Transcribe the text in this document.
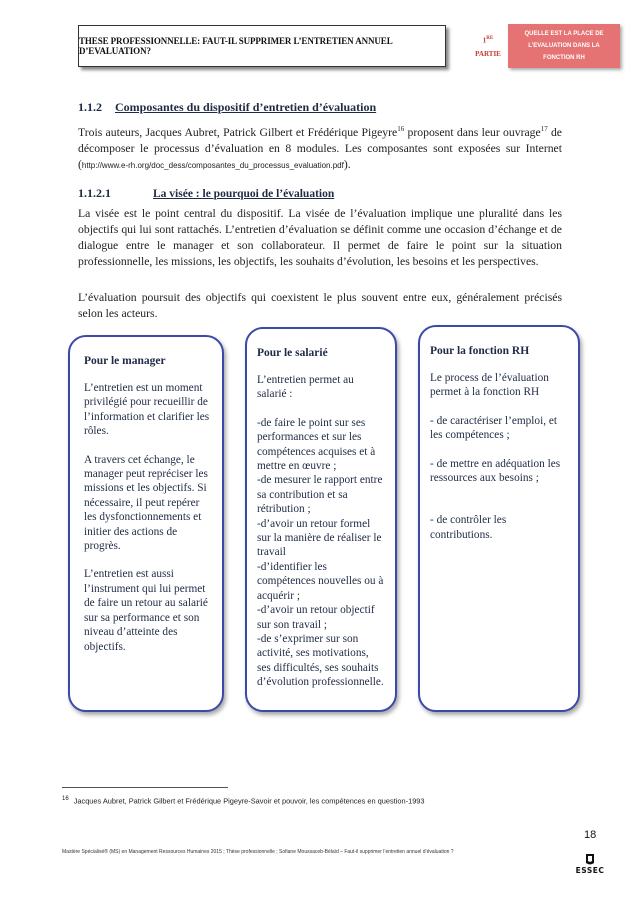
THESE PROFESSIONNELLE: FAUT-IL SUPPRIMER L’ENTRETIEN ANNUEL D’EVALUATION?
1RE
PARTIE
QUELLE EST LA PLACE DE
L’EVALUATION DANS LA
FONCTION RH
1.1.2 Composantes du dispositif d’entretien d’évaluation
Trois auteurs, Jacques Aubret, Patrick Gilbert et Frédérique Pigeyre$^{16}$ proposent dans leur ouvrage$^{17}$ de décomposer le processus d’évaluation en 8 modules. Les composantes sont exposées sur Internet (http://www.e-rh.org/doc_dess/composantes_du_processus_evaluation.pdf).
1.1.2.1	La visée : le pourquoi de l’évaluation
La visée est le point central du dispositif. La visée de l’évaluation implique une pluralité dans les objectifs qui lui sont rattachés. L’entretien d’évaluation se définit comme une occasion d’échange et de dialogue entre le manager et son collaborateur. Il permet de faire le point sur la situation professionnelle, les missions, les objectifs, les souhaits d’évolution, les besoins et les perspectives.
L’évaluation poursuit des objectifs qui coexistent le plus souvent entre eux, généralement précisés selon les acteurs.
Pour le manager

L’entretien est un moment privilégié pour recueillir de l’information et clarifier les rôles.

A travers cet échange, le manager peut repréciser les missions et les objectifs. Si nécessaire, il peut repérer les dysfonctionnements et initier des actions de progrès.

L’entretien est aussi l’instrument qui lui permet de faire un retour au salarié sur sa performance et son niveau d’atteinte des objectifs.

Pour le salarié

L’entretien permet au salarié :

-de faire le point sur ses performances et sur les compétences acquises et à mettre en œuvre ;

-de mesurer le rapport entre sa contribution et sa rétribution ;

-d’avoir un retour formel sur la manière de réaliser le travail

-d’identifier les compétences nouvelles ou à acquérir ;

-d’avoir un retour objectif sur son travail ;

-de s’exprimer sur son activité, ses motivations, ses difficultés, ses souhaits d’évolution professionnelle.

Pour la fonction RH

Le process de l’évaluation permet à la fonction RH

- de caractériser l’emploi, et les compétences ;

- de mettre en adéquation les ressources aux besoins ;

- de contrôler les contributions.

$^{16}$ Jacques Aubret, Patrick Gilbert et Frédérique Pigeyre-Savoir et pouvoir, les compétences en question-1993
18
Mastère Spécialisé® (MS) en Management Ressources Humaines 2015 ; Thèse professionnelle ; Sofiane Moussaceb-Bélaïd – Faut-il supprimer l’entretien annuel d’évaluation ?
ESSEC
